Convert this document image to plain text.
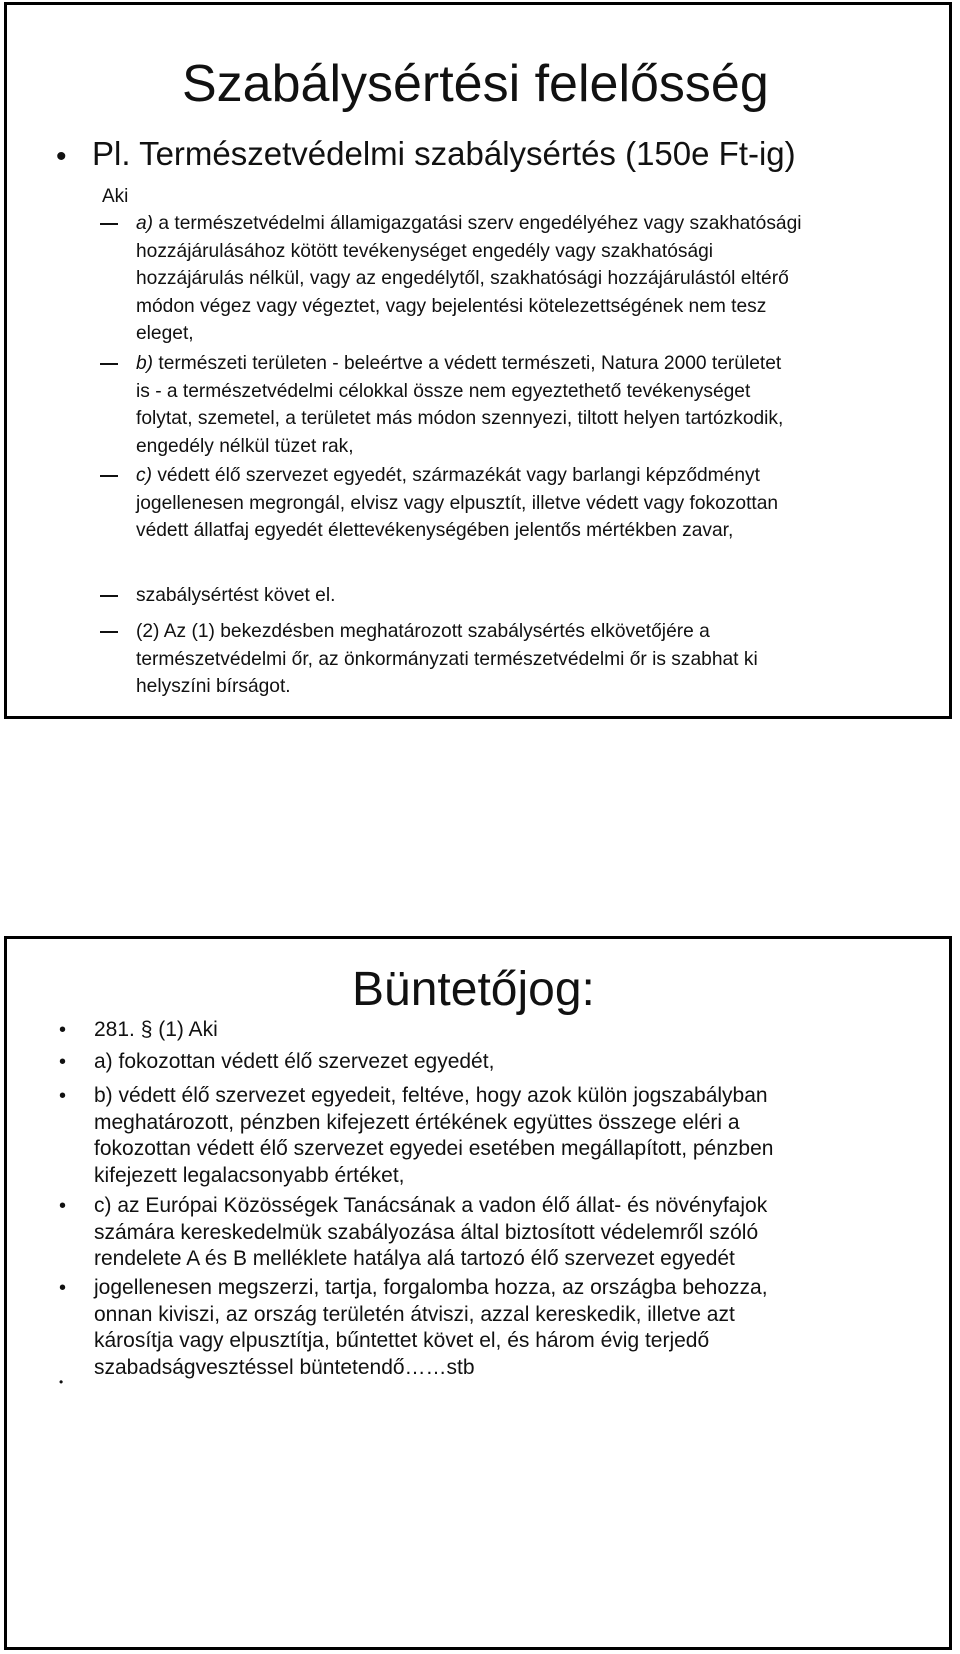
Szabálysértési felelősség
• Pl. Természetvédelmi szabálysértés (150e Ft-ig)
Aki
a) a természetvédelmi államigazgatási szerv engedélyéhez vagy szakhatósági
hozzájárulásához kötött tevékenységet engedély vagy szakhatósági
hozzájárulás nélkül, vagy az engedélytől, szakhatósági hozzájárulástól eltérő
módon végez vagy végeztet, vagy bejelentési kötelezettségének nem tesz
eleget,
b) természeti területen - beleértve a védett természeti, Natura 2000 területet
is - a természetvédelmi célokkal össze nem egyeztethető tevékenységet
folytat, szemetel, a területet más módon szennyezi, tiltott helyen tartózkodik,
engedély nélkül tüzet rak,
c) védett élő szervezet egyedét, származékát vagy barlangi képződményt
jogellenesen megrongál, elvisz vagy elpusztít, illetve védett vagy fokozottan
védett állatfaj egyedét élettevékenységében jelentős mértékben zavar,
szabálysértést követ el.
(2) Az (1) bekezdésben meghatározott szabálysértés elkövetőjére a
természetvédelmi őr, az önkormányzati természetvédelmi őr is szabhat ki
helyszíni bírságot.
Büntetőjog:
• 281. § (1) Aki
• a) fokozottan védett élő szervezet egyedét,
• b) védett élő szervezet egyedeit, feltéve, hogy azok külön jogszabályban
meghatározott, pénzben kifejezett értékének együttes összege eléri a
fokozottan védett élő szervezet egyedei esetében megállapított, pénzben
kifejezett legalacsonyabb értéket,
• c) az Európai Közösségek Tanácsának a vadon élő állat- és növényfajok
számára kereskedelmük szabályozása által biztosított védelemről szóló
rendelete A és B melléklete hatálya alá tartozó élő szervezet egyedét
• jogellenesen megszerzi, tartja, forgalomba hozza, az országba behozza,
onnan kiviszi, az ország területén átviszi, azzal kereskedik, illetve azt
károsítja vagy elpusztítja, bűntettet követ el, és három évig terjedő
szabadságvesztéssel büntetendő……stb
•
